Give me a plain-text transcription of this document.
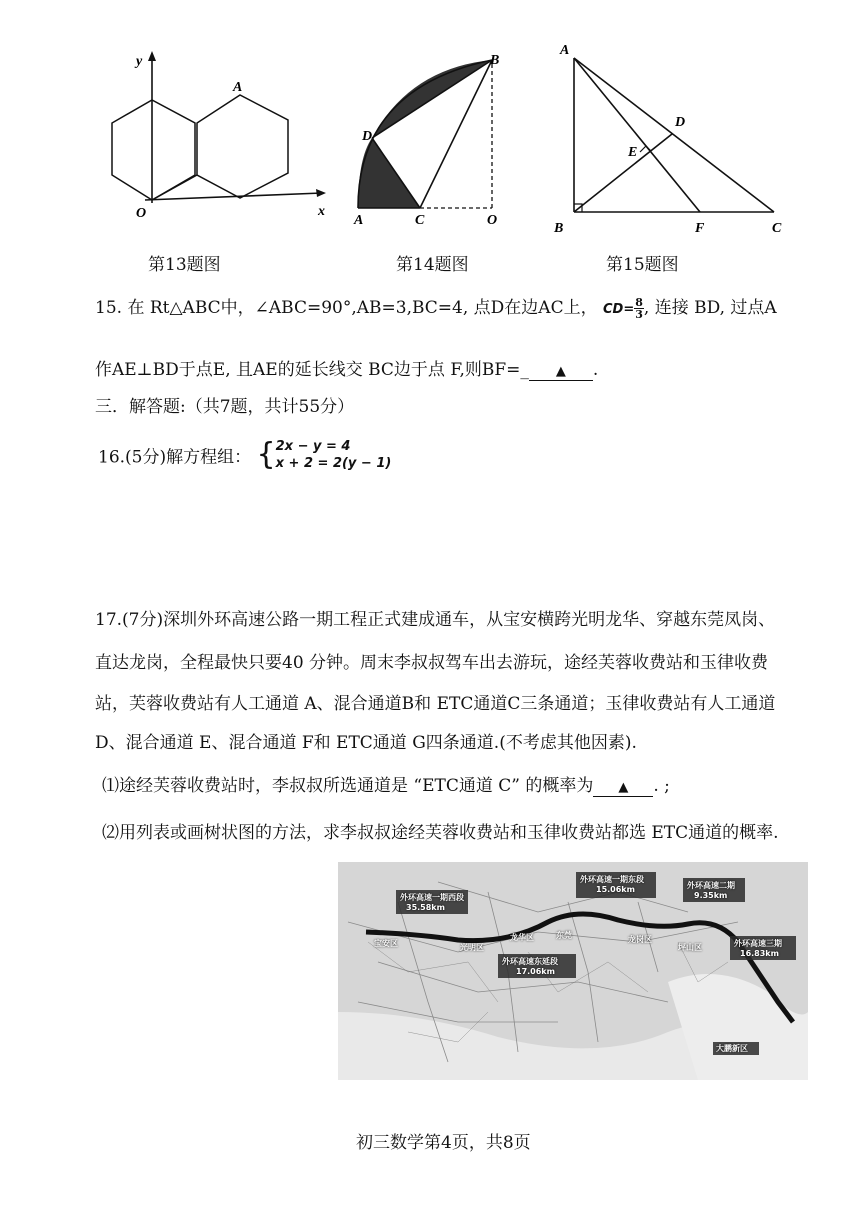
y
x
O
A
第13题图
B
D
A	C	O
第14题图
A
D
E
B	F	C
第15题图
15. 在 Rt△ABC中，∠ABC=90°,AB=3,BC=4, 点D在边AC上， $CD= \frac{8}{3}$, 连接 BD, 过点A
作AE⊥BD于点E, 且AE的延长线交 BC边于点 F,则BF=_ ▲ .
三．解答题:（共7题，共计55分）
16.(5分)解方程组： { 2x − y = 4
x + 2 = 2(y − 1)
17.(7分)深圳外环高速公路一期工程正式建成通车，从宝安横跨光明龙华、穿越东莞凤岗、
直达龙岗，全程最快只要40 分钟。周末李叔叔驾车出去游玩，途经芙蓉收费站和玉律收费
站，芙蓉收费站有人工通道 A、混合通道B和 ETC通道C三条通道；玉律收费站有人工通道
D、混合通道 E、混合通道 F和 ETC通道 G四条通道.(不考虑其他因素).
⑴途经芙蓉收费站时，李叔叔所选通道是 “ETC通道 C” 的概率为 ▲ . ;
⑵用列表或画树状图的方法，求李叔叔途经芙蓉收费站和玉律收费站都选 ETC通道的概率.
外环高速一期东段
15.06km	外环高速二期
9.35km
外环高速一期西段
35.58km
外环高速三期
16.83km
外环高速东延段
17.06km
宝安区	光明区
龙华区	东莞	龙岗区
坪山区
大鹏新区
初三数学第4页，共8页
